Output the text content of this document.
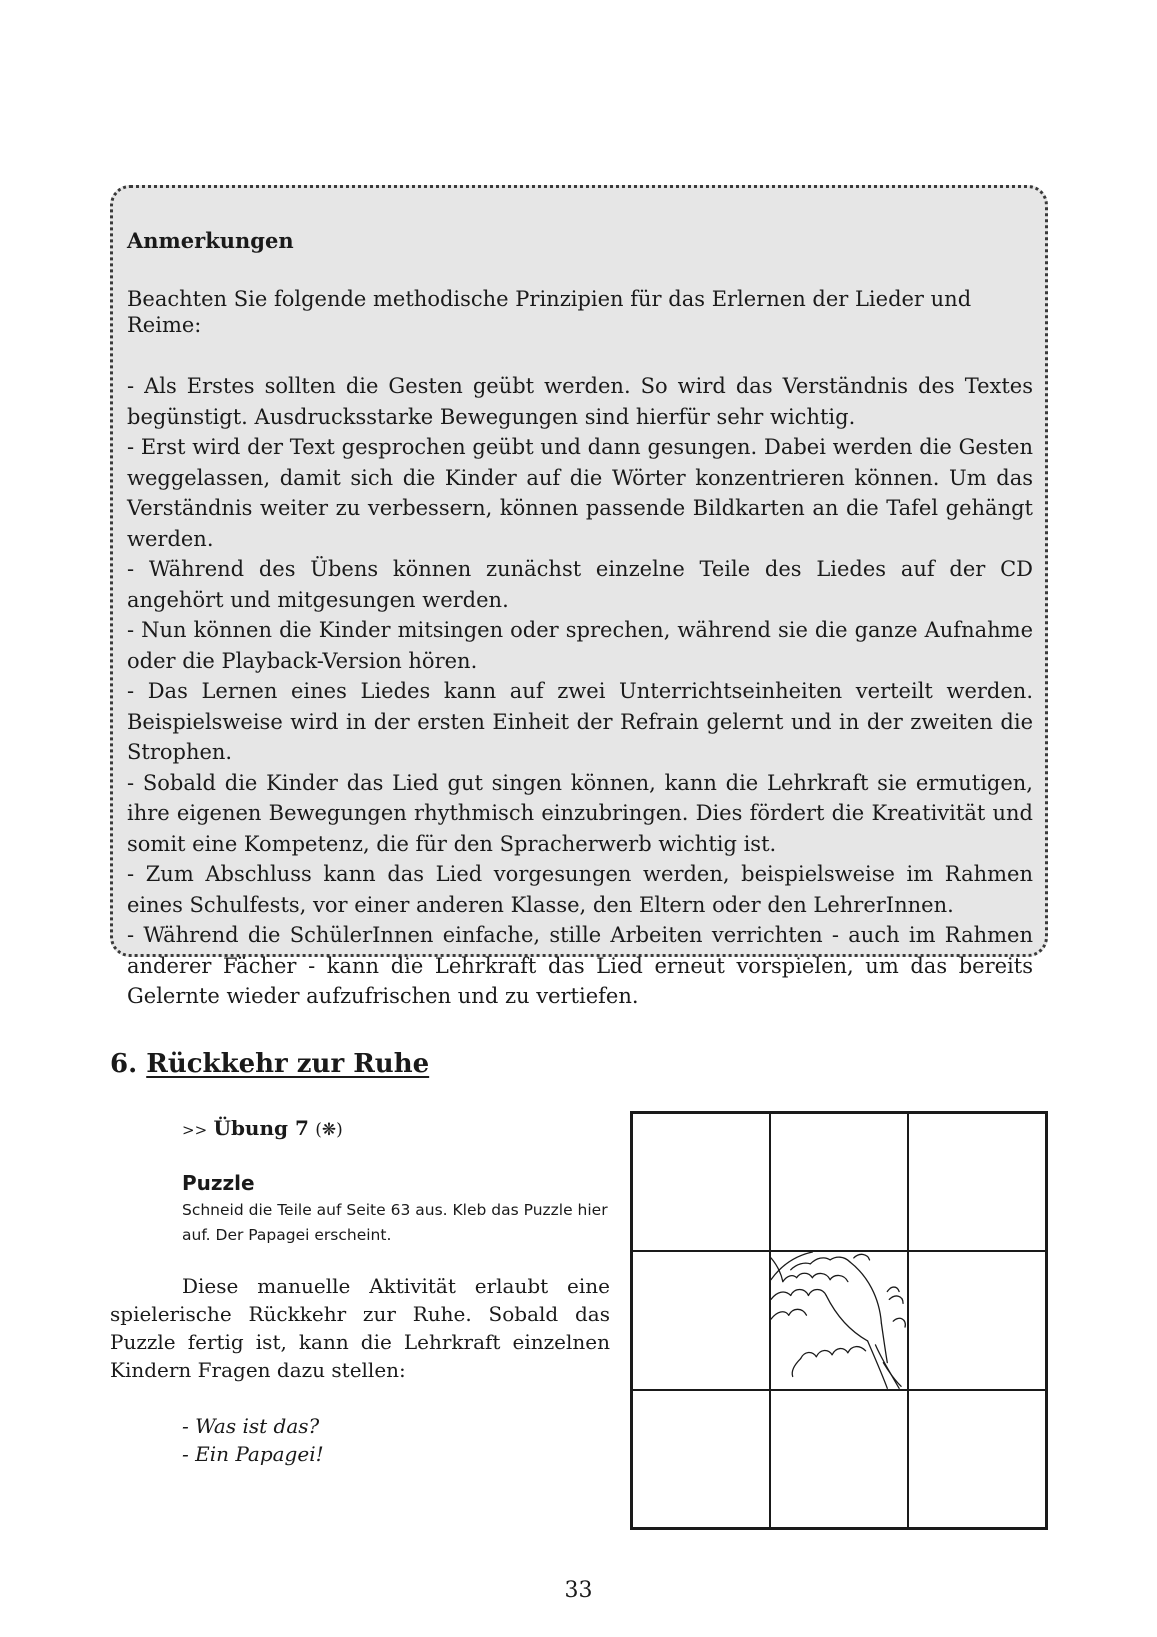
Anmerkungen
Beachten Sie folgende methodische Prinzipien für das Erlernen der Lieder und Reime:

- Als Erstes sollten die Gesten geübt werden. So wird das Verständnis des Textes begünstigt. Ausdrucksstarke Bewegungen sind hierfür sehr wichtig.

- Erst wird der Text gesprochen geübt und dann gesungen. Dabei werden die Gesten weggelassen, damit sich die Kinder auf die Wörter konzentrieren können. Um das Verständnis weiter zu verbessern, können passende Bildkarten an die Tafel gehängt werden.

- Während des Übens können zunächst einzelne Teile des Liedes auf der CD angehört und mitgesungen werden.

- Nun können die Kinder mitsingen oder sprechen, während sie die ganze Aufnahme oder die Playback-Version hören.

- Das Lernen eines Liedes kann auf zwei Unterrichtseinheiten verteilt werden. Beispielsweise wird in der ersten Einheit der Refrain gelernt und in der zweiten die Strophen.

- Sobald die Kinder das Lied gut singen können, kann die Lehrkraft sie ermutigen, ihre eigenen Bewegungen rhythmisch einzubringen. Dies fördert die Kreativität und somit eine Kompetenz, die für den Spracherwerb wichtig ist.

- Zum Abschluss kann das Lied vorgesungen werden, beispielsweise im Rahmen eines Schulfests, vor einer anderen Klasse, den Eltern oder den LehrerInnen.

- Während die SchülerInnen einfache, stille Arbeiten verrichten - auch im Rahmen anderer Fächer - kann die Lehrkraft das Lied erneut vorspielen, um das bereits Gelernte wieder aufzufrischen und zu vertiefen.

6. Rückkehr zur Ruhe
>> Übung 7 (❋)
Puzzle

Schneid die Teile auf Seite 63 aus. Kleb das Puzzle hier auf. Der Papagei erscheint.

Diese manuelle Aktivität erlaubt eine spielerische Rückkehr zur Ruhe. Sobald das Puzzle fertig ist, kann die Lehrkraft einzelnen Kindern Fragen dazu stellen:

- Was ist das?

- Ein Papagei!

33
